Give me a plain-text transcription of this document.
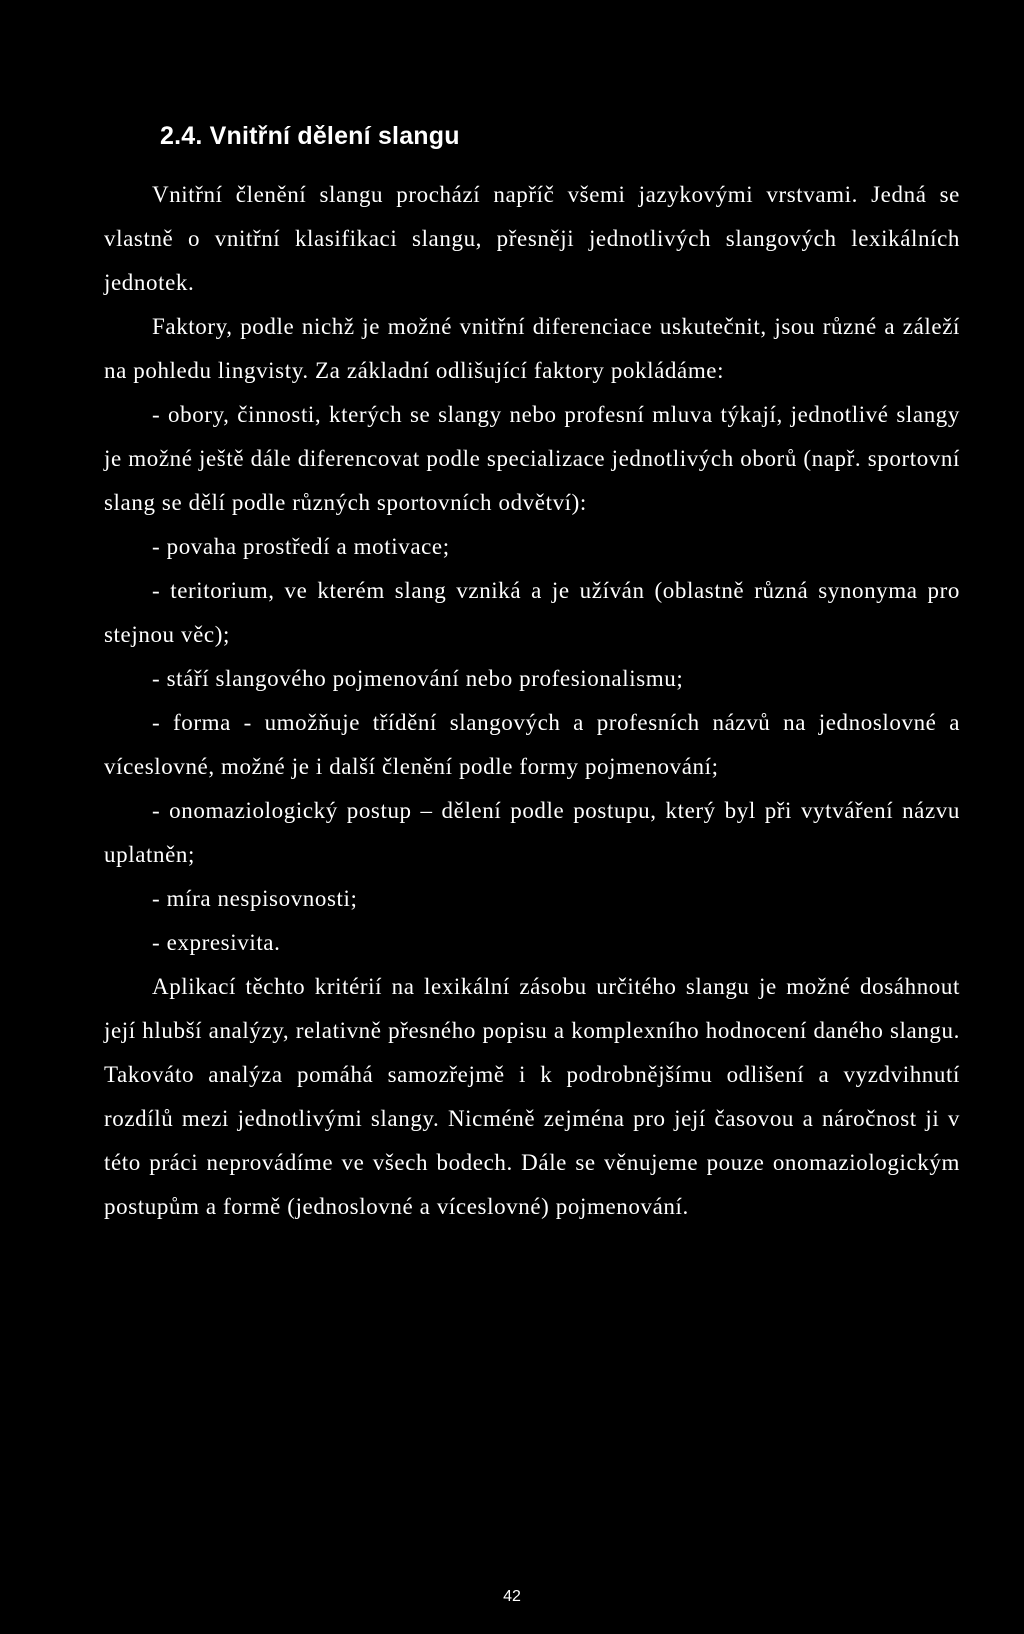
2.4. Vnitřní dělení slangu

Vnitřní členění slangu prochází napříč všemi jazykovými vrstvami. Jedná se vlastně o vnitřní klasifikaci slangu, přesněji jednotlivých slangových lexikálních jednotek.

Faktory, podle nichž je možné vnitřní diferenciace uskutečnit, jsou různé a záleží na pohledu lingvisty. Za základní odlišující faktory pokládáme:

- obory, činnosti, kterých se slangy nebo profesní mluva týkají, jednotlivé slangy je možné ještě dále diferencovat podle specializace jednotlivých oborů (např. sportovní slang se dělí podle různých sportovních odvětví):

- povaha prostředí a motivace;

- teritorium, ve kterém slang vzniká a je užíván (oblastně různá synonyma pro stejnou věc);

- stáří slangového pojmenování nebo profesionalismu;

- forma - umožňuje třídění slangových a profesních názvů na jednoslovné a víceslovné, možné je i další členění podle formy pojmenování;

- onomaziologický postup – dělení podle postupu, který byl při vytváření názvu uplatněn;

- míra nespisovnosti;

- expresivita.

Aplikací těchto kritérií na lexikální zásobu určitého slangu je možné dosáhnout její hlubší analýzy, relativně přesného popisu a komplexního hodnocení daného slangu. Takováto analýza pomáhá samozřejmě i k podrobnějšímu odlišení a vyzdvihnutí rozdílů mezi jednotlivými slangy. Nicméně zejména pro její časovou a náročnost ji v této práci neprovádíme ve všech bodech. Dále se věnujeme pouze onomaziologickým postupům a formě (jednoslovné a víceslovné) pojmenování.

42
